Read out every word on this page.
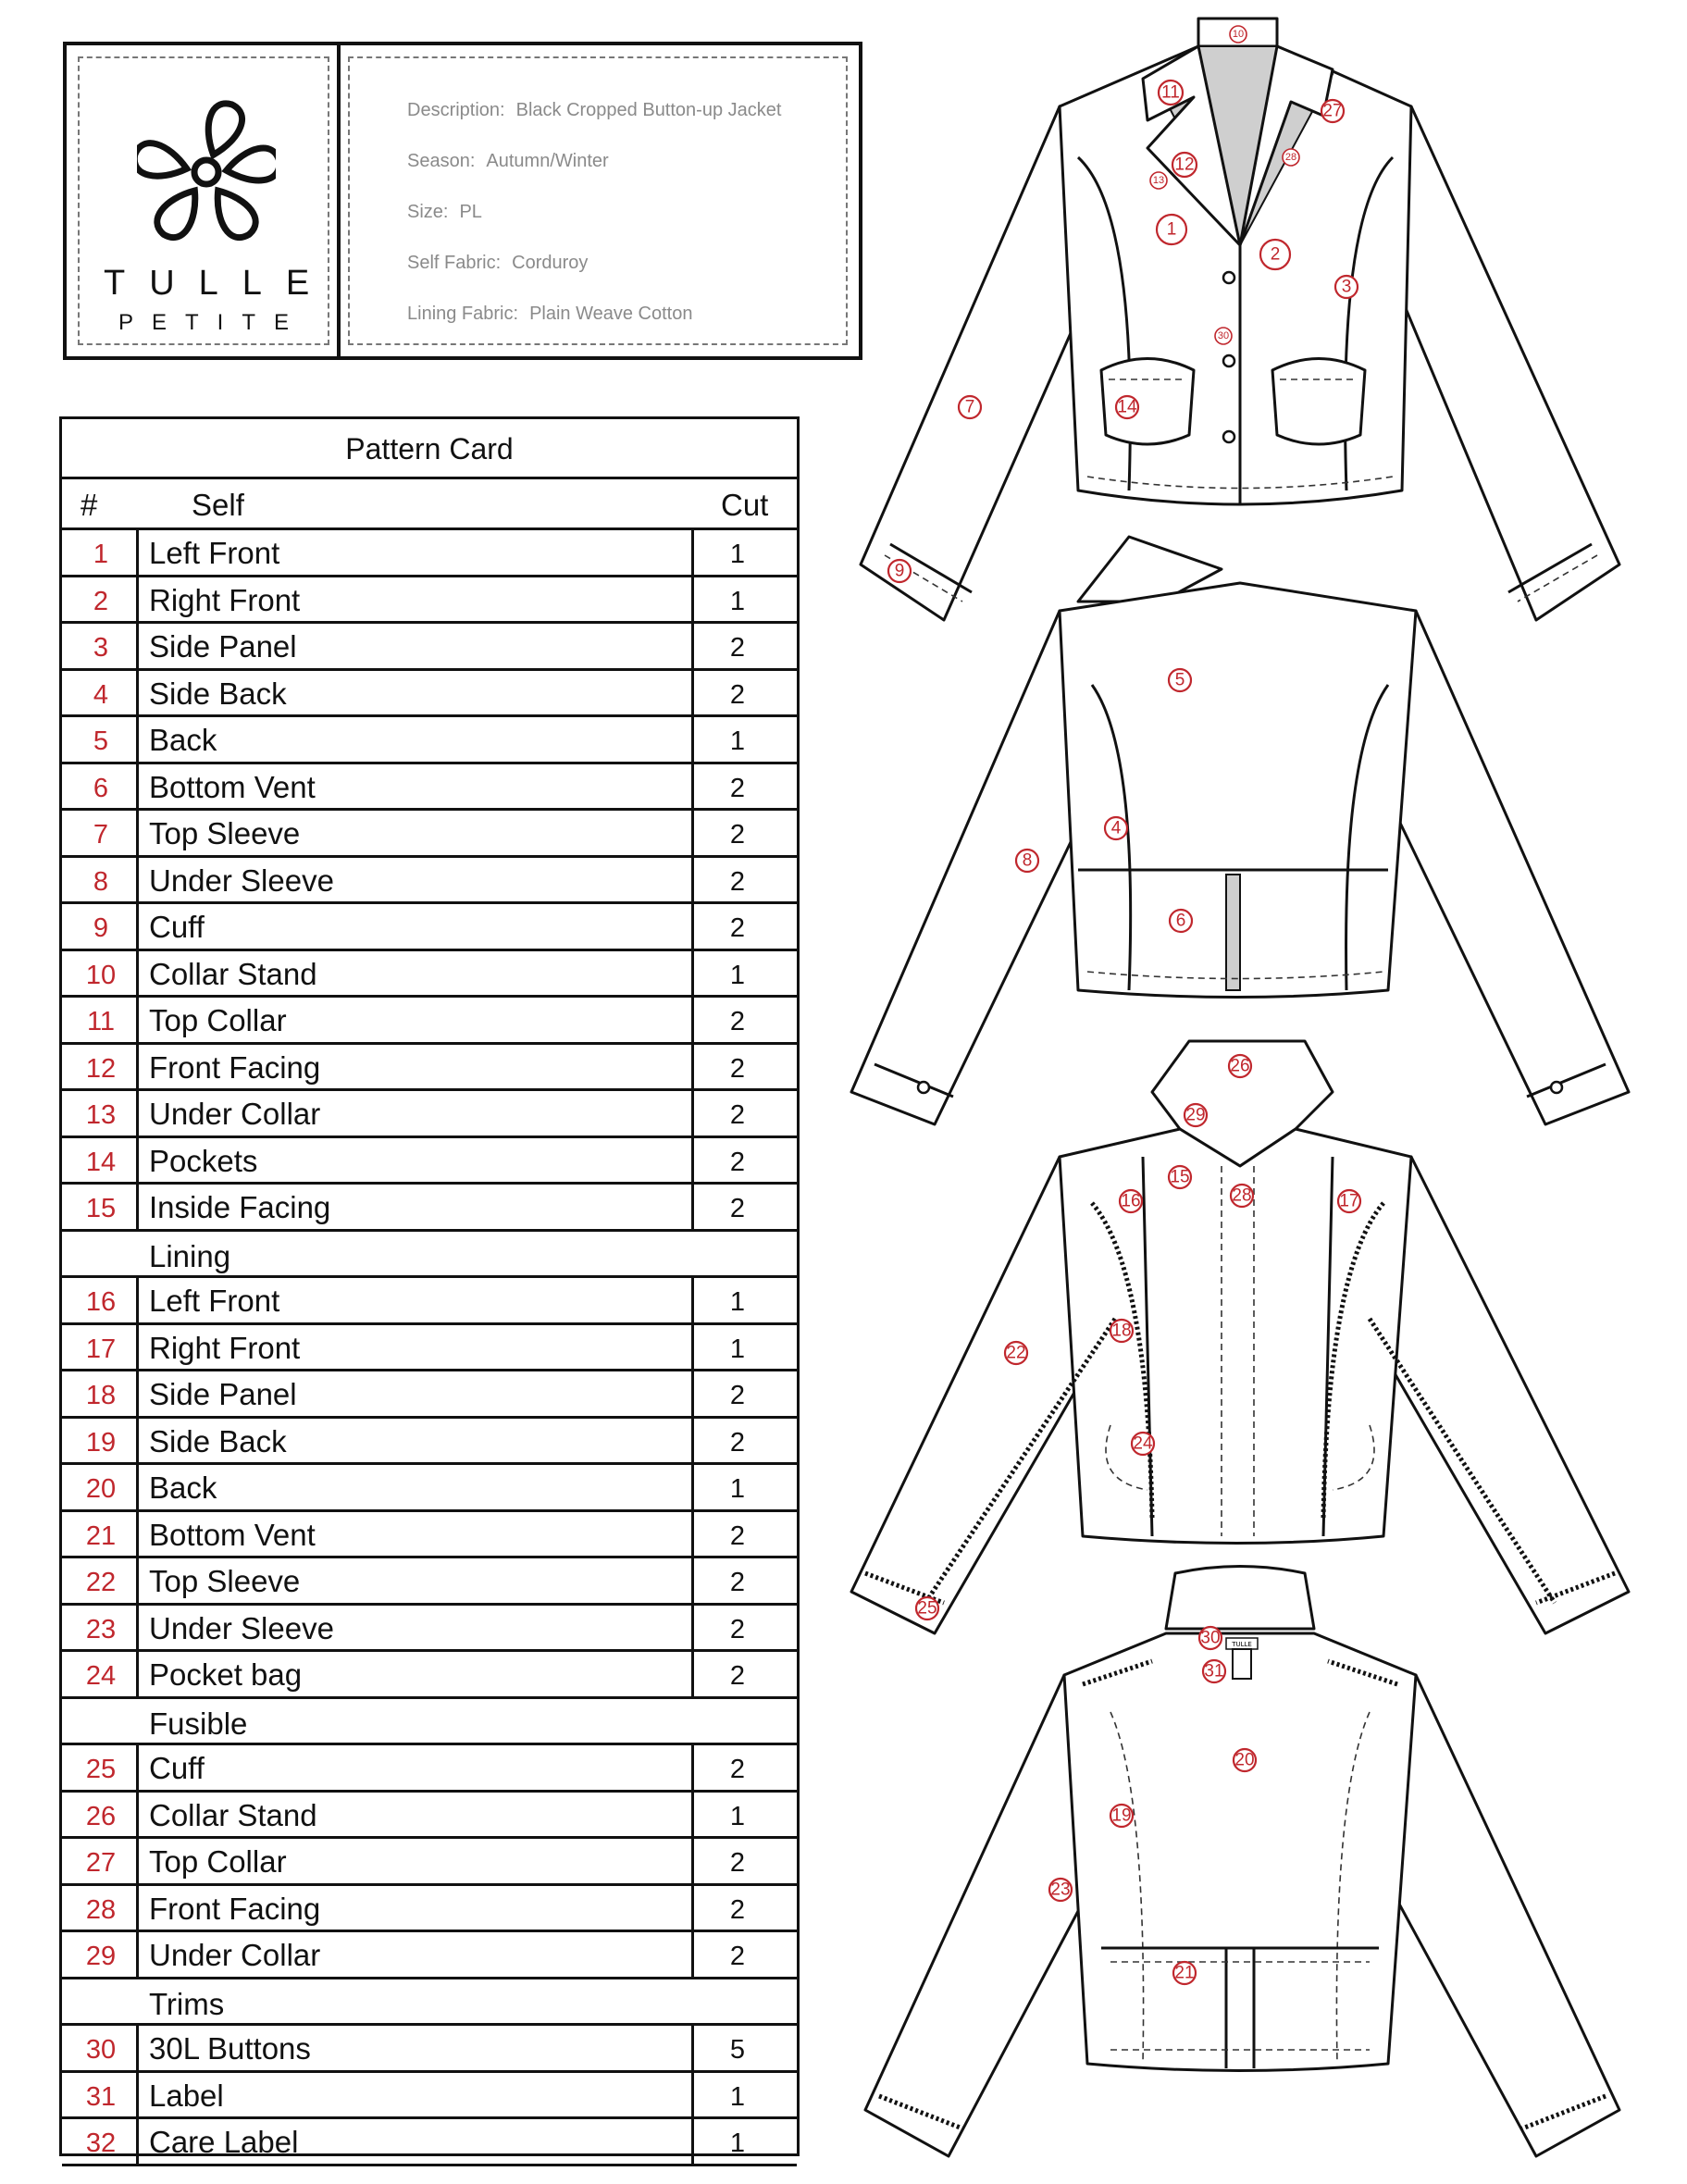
TULLE
PETITE
Description: Black Cropped Button-up Jacket
Season: Autumn/Winter
Size: PL
Self Fabric: Corduroy
Lining Fabric: Plain Weave Cotton
Pattern Card
#	Self	Cut
1	Left Front	1
2	Right Front	1
3	Side Panel	2
4	Side Back	2
5	Back	1
6	Bottom Vent	2
7	Top Sleeve	2
8	Under Sleeve	2
9	Cuff	2
10	Collar Stand	1
11	Top Collar	2
12	Front Facing	2
13	Under Collar	2
14	Pockets	2
15	Inside Facing	2
Lining
16	Left Front	1
17	Right Front	1
18	Side Panel	2
19	Side Back	2
20	Back	1
21	Bottom Vent	2
22	Top Sleeve	2
23	Under Sleeve	2
24	Pocket bag	2
Fusible
25	Cuff	2
26	Collar Stand	1
27	Top Collar	2
28	Front Facing	2
29	Under Collar	2
Trims
30	30L Buttons	5
31	Label	1
32	Care Label	1
10
11
27
28
12
13
1
2
3
30
14
7
9
5
4
8
6
26
29
15
28
16	17
18
22
24
25
TULLE
30
31
20
19
23
21
